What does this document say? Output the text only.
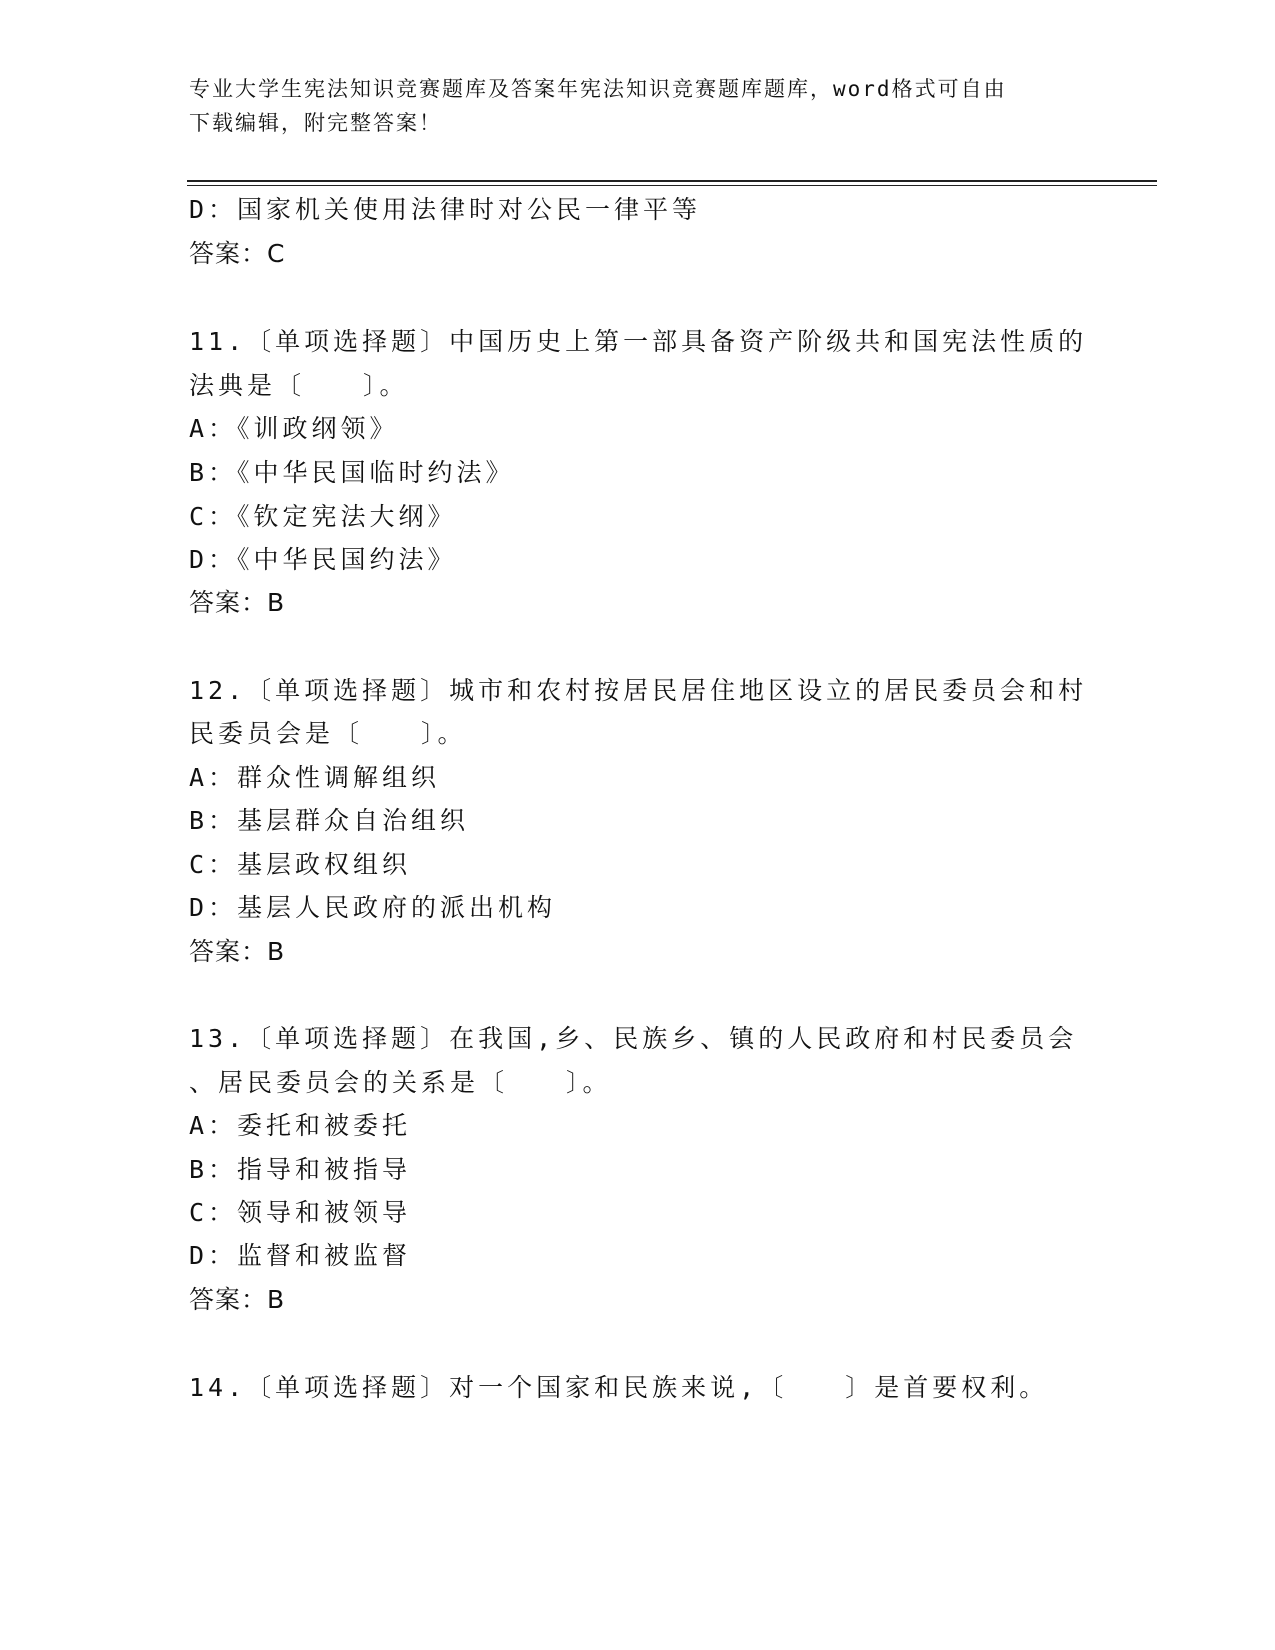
专业大学生宪法知识竞赛题库及答案年宪法知识竞赛题库题库，word格式可自由
下载编辑，附完整答案！
D：国家机关使用法律时对公民一律平等
答案：C
11.〔单项选择题〕中国历史上第一部具备资产阶级共和国宪法性质的
法典是〔　　〕。
A：《训政纲领》
B：《中华民国临时约法》
C：《钦定宪法大纲》
D：《中华民国约法》
答案：B
12.〔单项选择题〕城市和农村按居民居住地区设立的居民委员会和村
民委员会是〔　　〕。
A：群众性调解组织
B：基层群众自治组织
C：基层政权组织
D：基层人民政府的派出机构
答案：B
13.〔单项选择题〕在我国,乡、民族乡、镇的人民政府和村民委员会
、居民委员会的关系是〔　　〕。
A：委托和被委托
B：指导和被指导
C：领导和被领导
D：监督和被监督
答案：B
14.〔单项选择题〕对一个国家和民族来说,〔　　〕是首要权利。
